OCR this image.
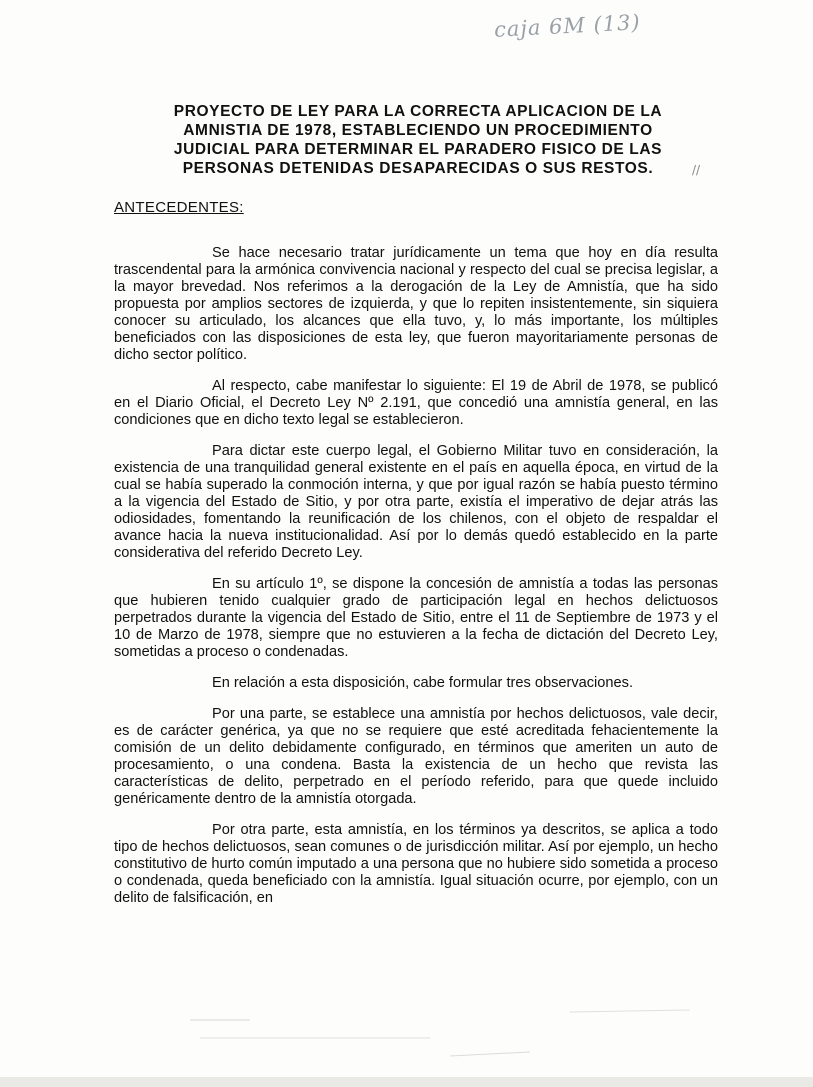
caja 6M (13)
PROYECTO DE LEY PARA LA CORRECTA APLICACION DE LA
AMNISTIA DE 1978, ESTABLECIENDO UN PROCEDIMIENTO
JUDICIAL PARA DETERMINAR EL PARADERO FISICO DE LAS
PERSONAS DETENIDAS DESAPARECIDAS O SUS RESTOS.	//
ANTECEDENTES:

Se hace necesario tratar jurídicamente un tema que hoy en día resulta trascendental para la armónica convivencia nacional y respecto del cual se precisa legislar, a la mayor brevedad. Nos referimos a la derogación de la Ley de Amnistía, que ha sido propuesta por amplios sectores de izquierda, y que lo repiten insistentemente, sin siquiera conocer su articulado, los alcances que ella tuvo, y, lo más importante, los múltiples beneficiados con las disposiciones de esta ley, que fueron mayoritariamente personas de dicho sector político.

Al respecto, cabe manifestar lo siguiente: El 19 de Abril de 1978, se publicó en el Diario Oficial, el Decreto Ley Nº 2.191, que concedió una amnistía general, en las condiciones que en dicho texto legal se establecieron.

Para dictar este cuerpo legal, el Gobierno Militar tuvo en consideración, la existencia de una tranquilidad general existente en el país en aquella época, en virtud de la cual se había superado la conmoción interna, y que por igual razón se había puesto término a la vigencia del Estado de Sitio, y por otra parte, existía el imperativo de dejar atrás las odiosidades, fomentando la reunificación de los chilenos, con el objeto de respaldar el avance hacia la nueva institucionalidad. Así por lo demás quedó establecido en la parte considerativa del referido Decreto Ley.

En su artículo 1º, se dispone la concesión de amnistía a todas las personas que hubieren tenido cualquier grado de participación legal en hechos delictuosos perpetrados durante la vigencia del Estado de Sitio, entre el 11 de Septiembre de 1973 y el 10 de Marzo de 1978, siempre que no estuvieren a la fecha de dictación del Decreto Ley, sometidas a proceso o condenadas.

En relación a esta disposición, cabe formular tres observaciones.

Por una parte, se establece una amnistía por hechos delictuosos, vale decir, es de carácter genérica, ya que no se requiere que esté acreditada fehacientemente la comisión de un delito debidamente configurado, en términos que ameriten un auto de procesamiento, o una condena. Basta la existencia de un hecho que revista las características de delito, perpetrado en el período referido, para que quede incluido genéricamente dentro de la amnistía otorgada.

Por otra parte, esta amnistía, en los términos ya descritos, se aplica a todo tipo de hechos delictuosos, sean comunes o de jurisdicción militar. Así por ejemplo, un hecho constitutivo de hurto común imputado a una persona que no hubiere sido sometida a proceso o condenada, queda beneficiado con la amnistía. Igual situación ocurre, por ejemplo, con un delito de falsificación, en
